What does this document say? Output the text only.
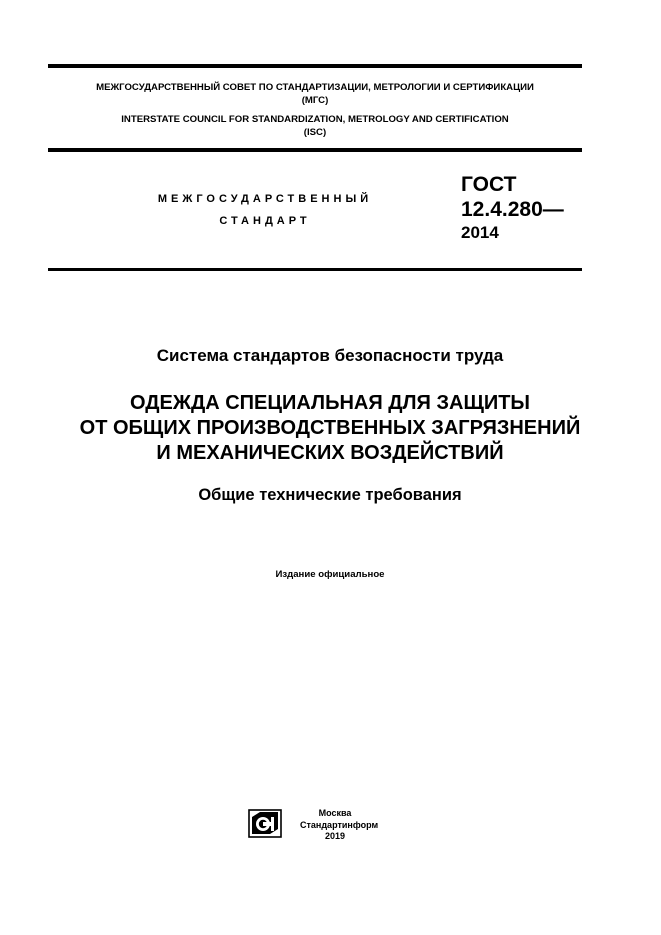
МЕЖГОСУДАРСТВЕННЫЙ СОВЕТ ПО СТАНДАРТИЗАЦИИ, МЕТРОЛОГИИ И СЕРТИФИКАЦИИ
(МГС)
INTERSTATE COUNCIL FOR STANDARDIZATION, METROLOGY AND CERTIFICATION
(ISC)
МЕЖГОСУДАРСТВЕННЫЙ
СТАНДАРТ
ГОСТ
12.4.280—
2014
Система стандартов безопасности труда
ОДЕЖДА СПЕЦИАЛЬНАЯ ДЛЯ ЗАЩИТЫ
ОТ ОБЩИХ ПРОИЗВОДСТВЕННЫХ ЗАГРЯЗНЕНИЙ
И МЕХАНИЧЕСКИХ ВОЗДЕЙСТВИЙ
Общие технические требования
Издание официальное
Москва
Стандартинформ
2019
